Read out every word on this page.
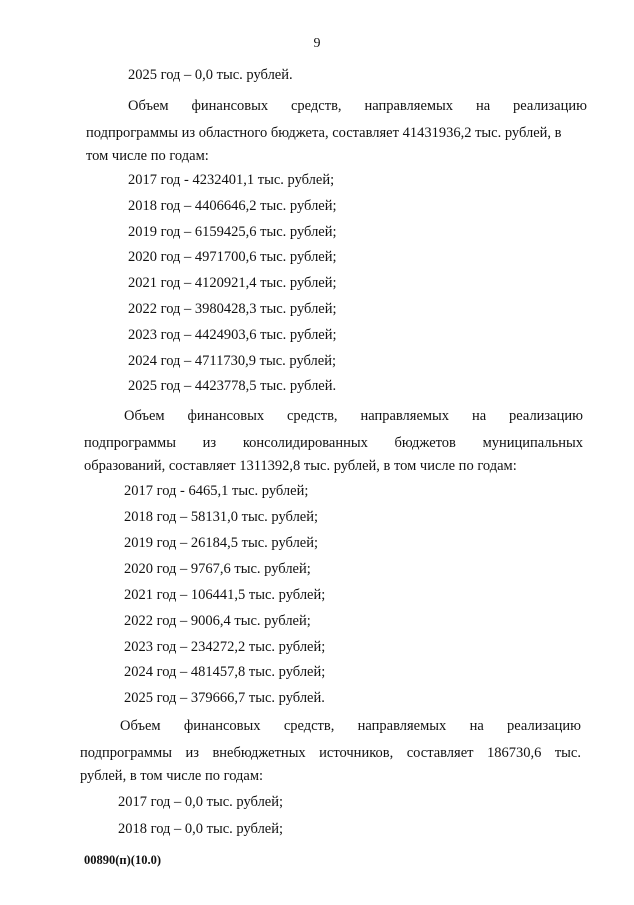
9
2025 год – 0,0 тыс. рублей.
Объем финансовых средств, направляемых на реализацию
подпрограммы из областного бюджета, составляет 41431936,2 тыс. рублей, в
том числе по годам:
2017 год - 4232401,1 тыс. рублей;
2018 год – 4406646,2 тыс. рублей;
2019 год – 6159425,6 тыс. рублей;
2020 год – 4971700,6 тыс. рублей;
2021 год – 4120921,4 тыс. рублей;
2022 год – 3980428,3 тыс. рублей;
2023 год – 4424903,6 тыс. рублей;
2024 год – 4711730,9 тыс. рублей;
2025 год – 4423778,5 тыс. рублей.
Объем финансовых средств, направляемых на реализацию
подпрограммы из консолидированных бюджетов муниципальных
образований, составляет 1311392,8 тыс. рублей, в том числе по годам:
2017 год - 6465,1 тыс. рублей;
2018 год – 58131,0 тыс. рублей;
2019 год – 26184,5 тыс. рублей;
2020 год – 9767,6 тыс. рублей;
2021 год – 106441,5 тыс. рублей;
2022 год – 9006,4 тыс. рублей;
2023 год – 234272,2 тыс. рублей;
2024 год – 481457,8 тыс. рублей;
2025 год – 379666,7 тыс. рублей.
Объем финансовых средств, направляемых на реализацию
подпрограммы из внебюджетных источников, составляет 186730,6 тыс.
рублей, в том числе по годам:
2017 год – 0,0 тыс. рублей;
2018 год – 0,0 тыс. рублей;
00890(п)(10.0)
